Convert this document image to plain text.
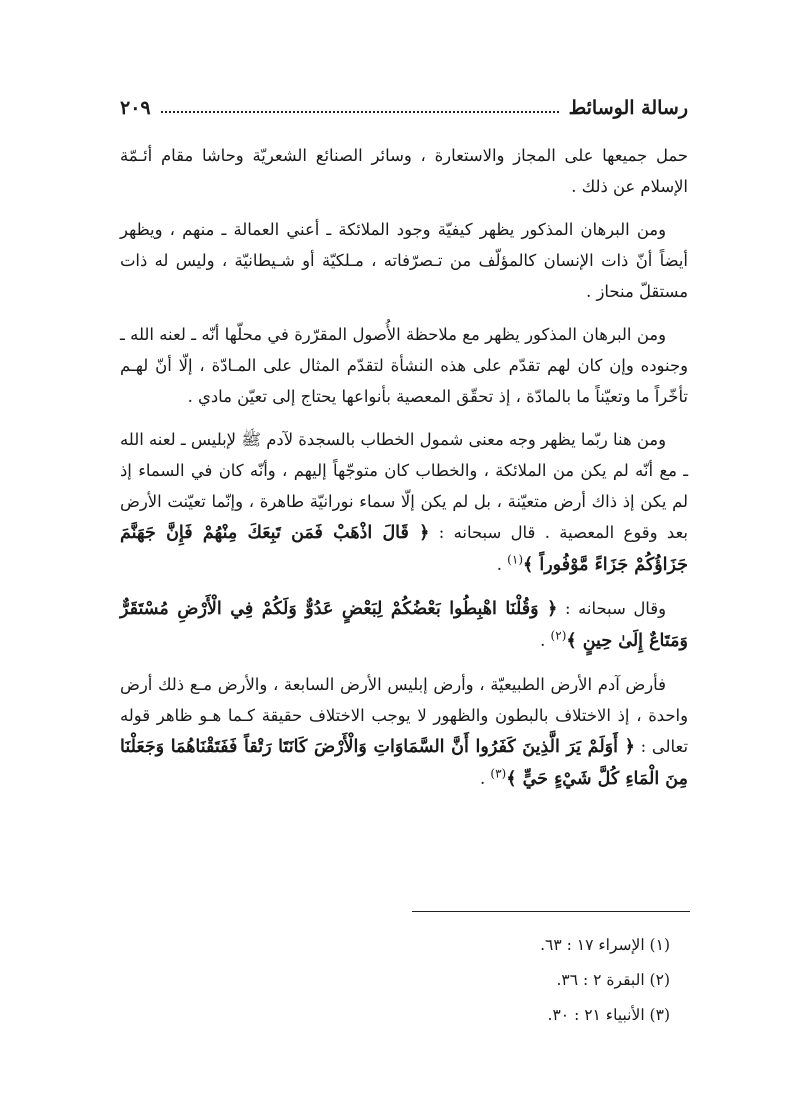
رسالة الوسائط
٢٠٩

حمل جميعها على المجاز والاستعارة ، وسائر الصنائع الشعريّة وحاشا مقام أئـمّة الإسلام عن ذلك .

ومن البرهان المذكور يظهر كيفيّة وجود الملائكة ـ أعني العمالة ـ منهم ، ويظهر أيضاً أنّ ذات الإنسان كالمؤلّف من تـصرّفاته ، مـلكيّة أو شـيطانيّة ، وليس له ذات مستقلّ منحاز .

ومن البرهان المذكور يظهر مع ملاحظة الأُصول المقرّرة في محلّها أنّه ـ لعنه الله ـ وجنوده وإن كان لهم تقدّم على هذه النشأة لتقدّم المثال على المـادّة ، إلّا أنّ لهـم تأخّراً ما وتعيّناً ما بالمادّة ، إذ تحقّق المعصية بأنواعها يحتاج إلى تعيّن مادي .

ومن هنا ربّما يظهر وجه معنى شمول الخطاب بالسجدة لآدم ﷺ لإبليس ـ لعنه الله ـ مع أنّه لم يكن من الملائكة ، والخطاب كان متوجّهاً إليهم ، وأنّه كان في السماء إذ لم يكن إذ ذاك أرض متعيّنة ، بل لم يكن إلّا سماء نورانيّة طاهرة ، وإنّما تعيّنت الأرض بعد وقوع المعصية . قال سبحانه : ﴿ قَالَ اذْهَبْ فَمَن تَبِعَكَ مِنْهُمْ فَإِنَّ جَهَنَّمَ جَزَاؤُكُمْ جَزَاءً مَّوْفُوراً ﴾$^{(١)}$ .

وقال سبحانه : ﴿ وَقُلْنَا اهْبِطُوا بَعْضُكُمْ لِبَعْضٍ عَدُوٌّ وَلَكُمْ فِي الْأَرْضِ مُسْتَقَرٌّ وَمَتَاعٌ إِلَىٰ حِينٍ ﴾$^{(٢)}$ .

فأرض آدم الأرض الطبيعيّة ، وأرض إبليس الأرض السابعة ، والأرض مـع ذلك أرض واحدة ، إذ الاختلاف بالبطون والظهور لا يوجب الاختلاف حقيقة كـما هـو ظاهر قوله تعالى : ﴿ أَوَلَمْ يَرَ الَّذِينَ كَفَرُوا أَنَّ السَّمَاوَاتِ وَالْأَرْضَ كَانَتَا رَتْقاً فَفَتَقْنَاهُمَا وَجَعَلْنَا مِنَ الْمَاءِ كُلَّ شَيْءٍ حَيٍّ ﴾$^{(٣)}$ .

(١) الإسراء ١٧ : ٦٣.
(٢) البقرة ٢ : ٣٦.
(٣) الأنبياء ٢١ : ٣٠.
